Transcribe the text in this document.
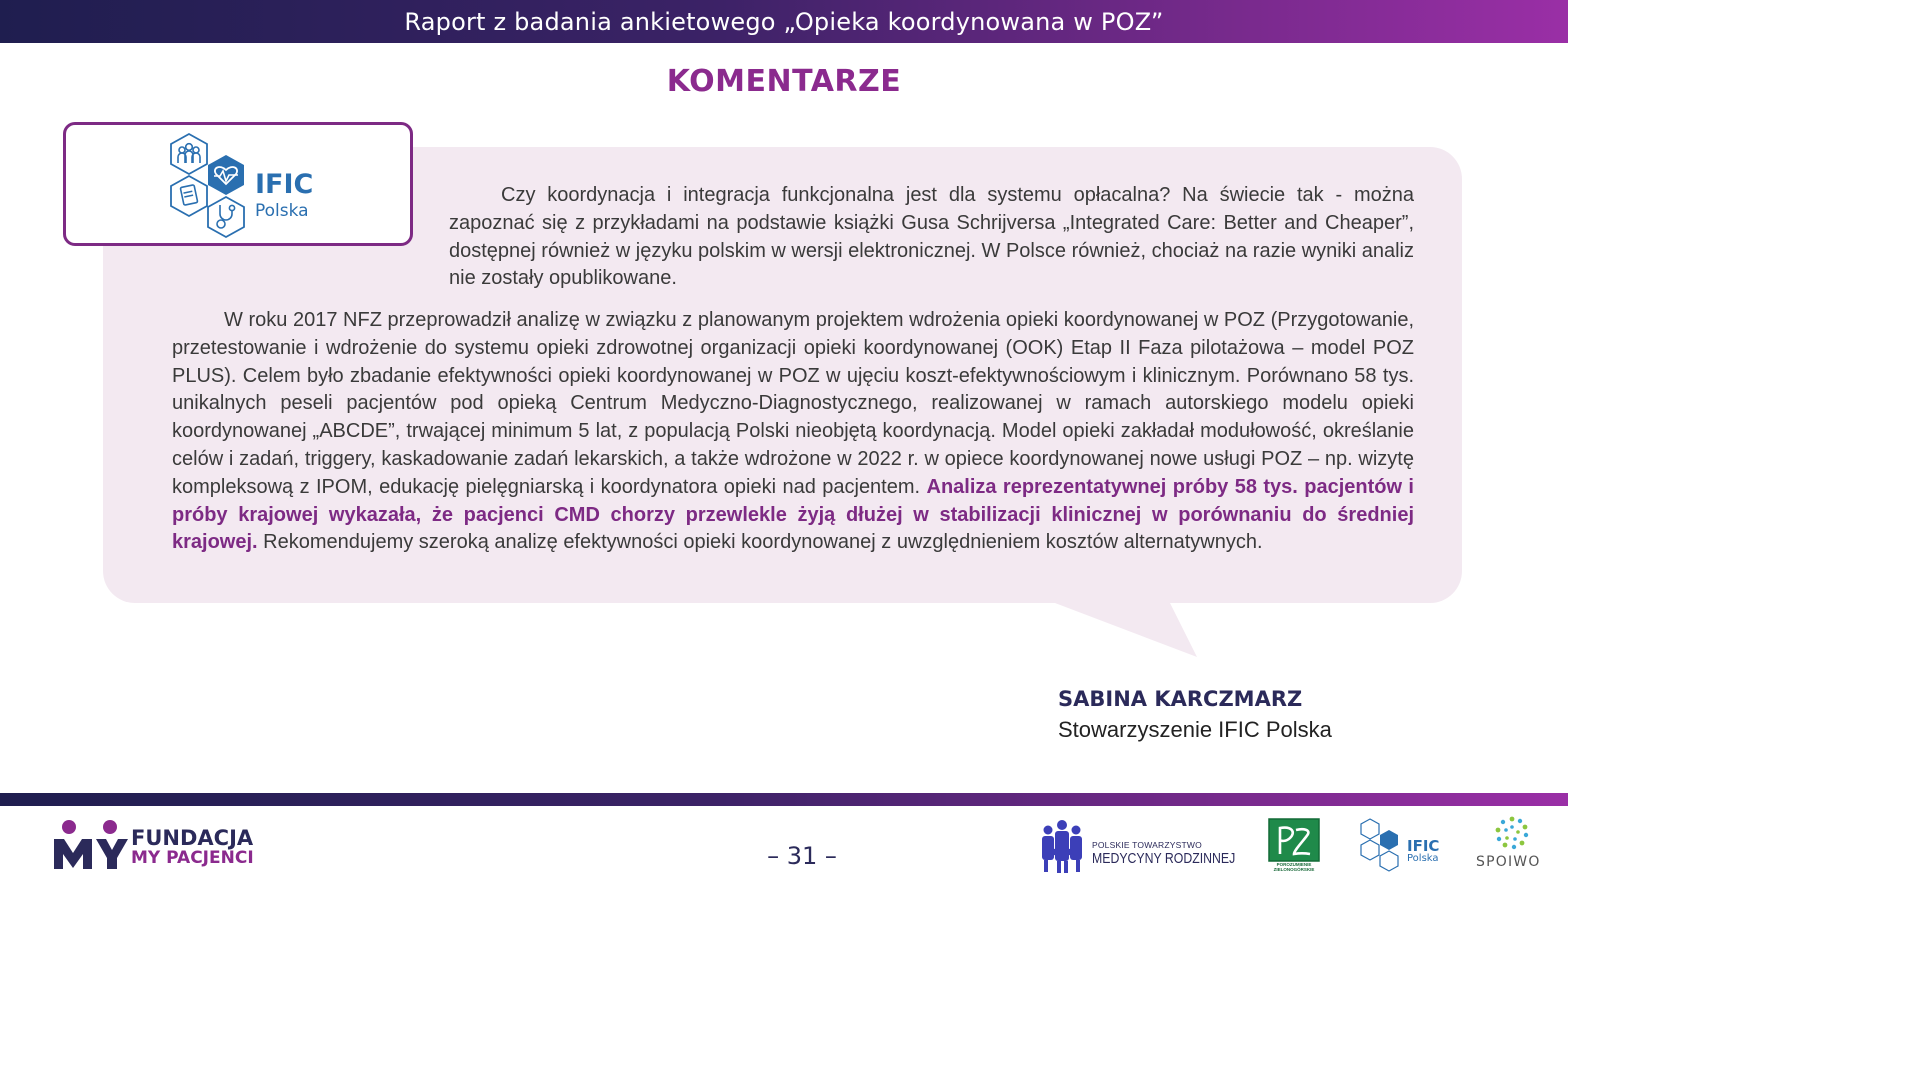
Raport z badania ankietowego „Opieka koordynowana w POZ”
KOMENTARZE
IFIC
Polska

Czy koordynacja i integracja funkcjonalna jest dla systemu opłacalna? Na świecie tak - można zapoznać się z przykładami na podstawie książki Gusa Schrijversa „Integrated Care: Better and Cheaper”, dostępnej również w języku polskim w wersji elektronicznej. W Polsce również, chociaż na razie wyniki analiz nie zostały opublikowane.

W roku 2017 NFZ przeprowadził analizę w związku z planowanym projektem wdrożenia opieki koordynowanej w POZ (Przygotowanie, przetestowanie i wdrożenie do systemu opieki zdrowotnej organizacji opieki koordynowanej (OOK) Etap II Faza pilotażowa – model POZ PLUS). Celem było zbadanie efektywności opieki koordynowanej w POZ w ujęciu koszt-efektywnościowym i klinicznym. Porównano 58 tys. unikalnych peseli pacjentów pod opieką Centrum Medyczno-Diagnostycznego, realizowanej w ramach autorskiego modelu opieki koordynowanej „ABCDE”, trwającej minimum 5 lat, z populacją Polski nieobjętą koordynacją. Model opieki zakładał modułowość, określanie celów i zadań, triggery, kaskadowanie zadań lekarskich, a także wdrożone w 2022 r. w opiece koordynowanej nowe usługi POZ – np. wizytę kompleksową z IPOM, edukację pielęgniarską i koordynatora opieki nad pacjentem. Analiza reprezentatywnej próby 58 tys. pacjentów i próby krajowej wykazała, że pacjenci CMD chorzy przewlekle żyją dłużej w stabilizacji klinicznej w porównaniu do średniej krajowej. Rekomendujemy szeroką analizę efektywności opieki koordynowanej z uwzględnieniem kosztów alternatywnych.

SABINA KARCZMARZ
Stowarzyszenie IFIC Polska
FUNDACJA
MY PACJENCI	– 31 –	POLSKIE TOWARZYSTWO
MEDYCYNY RODZINNEJ	POROZUMIENIE ZIELONOGÓRSKIE
IFIC
Polska	SPOIWO
